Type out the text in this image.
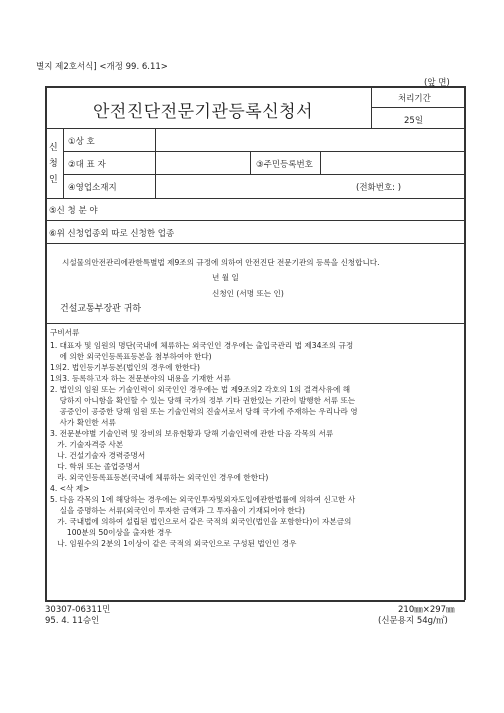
별지 제2호서식] <개정 99. 6.11>
(앞 면)
안전진단전문기관등록신청서
처리기간
25일
신
청
인
①상 호
②대 표 자	③주민등록번호
④영업소재지	(전화번호: )
⑤신 청 분 야
⑥위 신청업종외 따로 신청한 업종
시설물의안전관리에관한특별법 제9조의 규정에 의하여 안전진단 전문기관의 등록을 신청합니다.
년 월 일
신청인 (서명 또는 인)
건설교통부장관 귀하
구비서류
1. 대표자 및 임원의 명단(국내에 체류하는 외국인인 경우에는 출입국관리 법 제34조의 규정
에 의한 외국인등록표등본을 첨부하여야 한다)
1의2. 법인등기부등본(법인의 경우에 한한다)
1의3. 등록하고자 하는 전문분야의 내용을 기재한 서류
2. 법인의 임원 또는 기술인력이 외국인인 경우에는 법 제9조의2 각호의 1의 결격사유에 해
당하지 아니함을 확인할 수 있는 당해 국가의 정부 기타 권한있는 기관이 발행한 서류 또는
공증인이 공증한 당해 임원 또는 기술인력의 진술서로서 당해 국가에 주재하는 우리나라 영
사가 확인한 서류
3. 전문분야별 기술인력 및 장비의 보유현황과 당해 기술인력에 관한 다음 각목의 서류
가. 기술자격증 사본
나. 건설기술자 경력증명서
다. 학위 또는 졸업증명서
라. 외국인등록표등본(국내에 체류하는 외국인인 경우에 한한다)
4. <삭 제>
5. 다음 각목의 1에 해당하는 경우에는 외국인투자및외자도입에관한법률에 의하여 신고한 사
실을 증명하는 서류(외국인이 투자한 금액과 그 투자율이 기재되어야 한다)
가. 국내법에 의하여 설립된 법인으로서 같은 국적의 외국인(법인을 포함한다)이 자본금의
100분의 50이상을 출자한 경우
나. 임원수의 2분의 1이상이 같은 국적의 외국인으로 구성된 법인인 경우
30307-06311민	210㎜×297㎜
95. 4. 11승인	(신문용지 54g/㎡)
